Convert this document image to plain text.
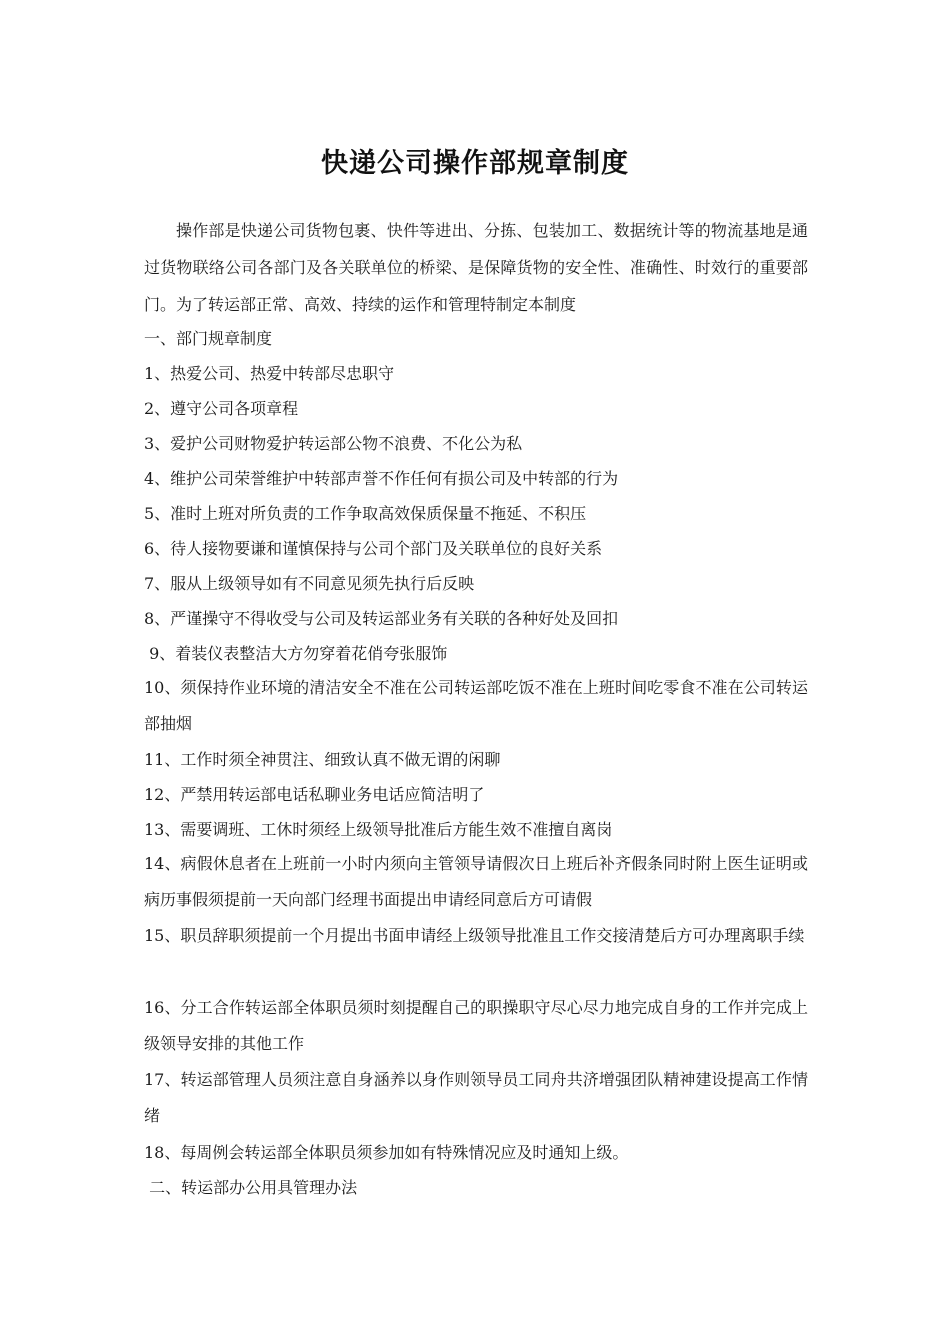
快递公司操作部规章制度
操作部是快递公司货物包裹、快件等进出、分拣、包装加工、数据统计等的物流基地是通过货物联络公司各部门及各关联单位的桥梁、是保障货物的安全性、准确性、时效行的重要部门。为了转运部正常、高效、持续的运作和管理特制定本制度
一、部门规章制度
1、热爱公司、热爱中转部尽忠职守
2、遵守公司各项章程
3、爱护公司财物爱护转运部公物不浪费、不化公为私
4、维护公司荣誉维护中转部声誉不作任何有损公司及中转部的行为
5、准时上班对所负责的工作争取高效保质保量不拖延、不积压
6、待人接物要谦和谨慎保持与公司个部门及关联单位的良好关系
7、服从上级领导如有不同意见须先执行后反映
8、严谨操守不得收受与公司及转运部业务有关联的各种好处及回扣
9、着装仪表整洁大方勿穿着花俏夸张服饰
10、须保持作业环境的清洁安全不准在公司转运部吃饭不准在上班时间吃零食不准在公司转运部抽烟
11、工作时须全神贯注、细致认真不做无谓的闲聊
12、严禁用转运部电话私聊业务电话应简洁明了
13、需要调班、工休时须经上级领导批准后方能生效不准擅自离岗
14、病假休息者在上班前一小时内须向主管领导请假次日上班后补齐假条同时附上医生证明或病历事假须提前一天向部门经理书面提出申请经同意后方可请假
15、职员辞职须提前一个月提出书面申请经上级领导批准且工作交接清楚后方可办理离职手续
16、分工合作转运部全体职员须时刻提醒自己的职操职守尽心尽力地完成自身的工作并完成上级领导安排的其他工作
17、转运部管理人员须注意自身涵养以身作则领导员工同舟共济增强团队精神建设提高工作情绪
18、每周例会转运部全体职员须参加如有特殊情况应及时通知上级。
二、转运部办公用具管理办法
